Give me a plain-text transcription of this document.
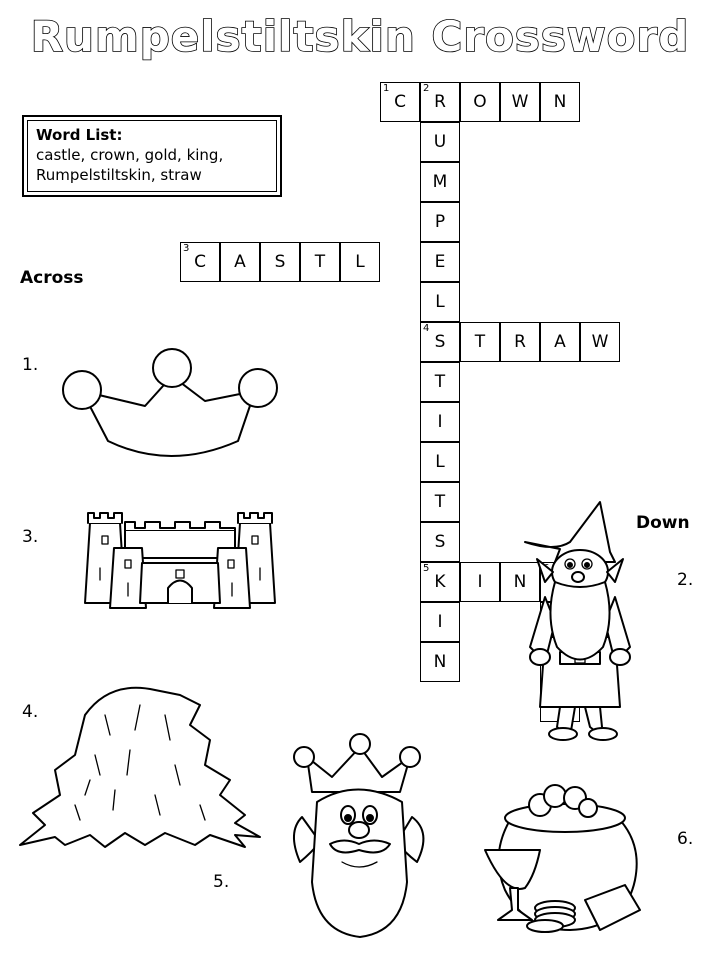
Rumpelstiltskin Crossword
Word List:
castle, crown, gold, king,
Rumpelstiltskin, straw
1
C
2
R O W N
U
M
P
3
C A S T L	E
L
4
S T R A W
T
I
L
T
S
5
K I N
I
N
Across
Down
1.
3.
4.
5.
2.
6.
